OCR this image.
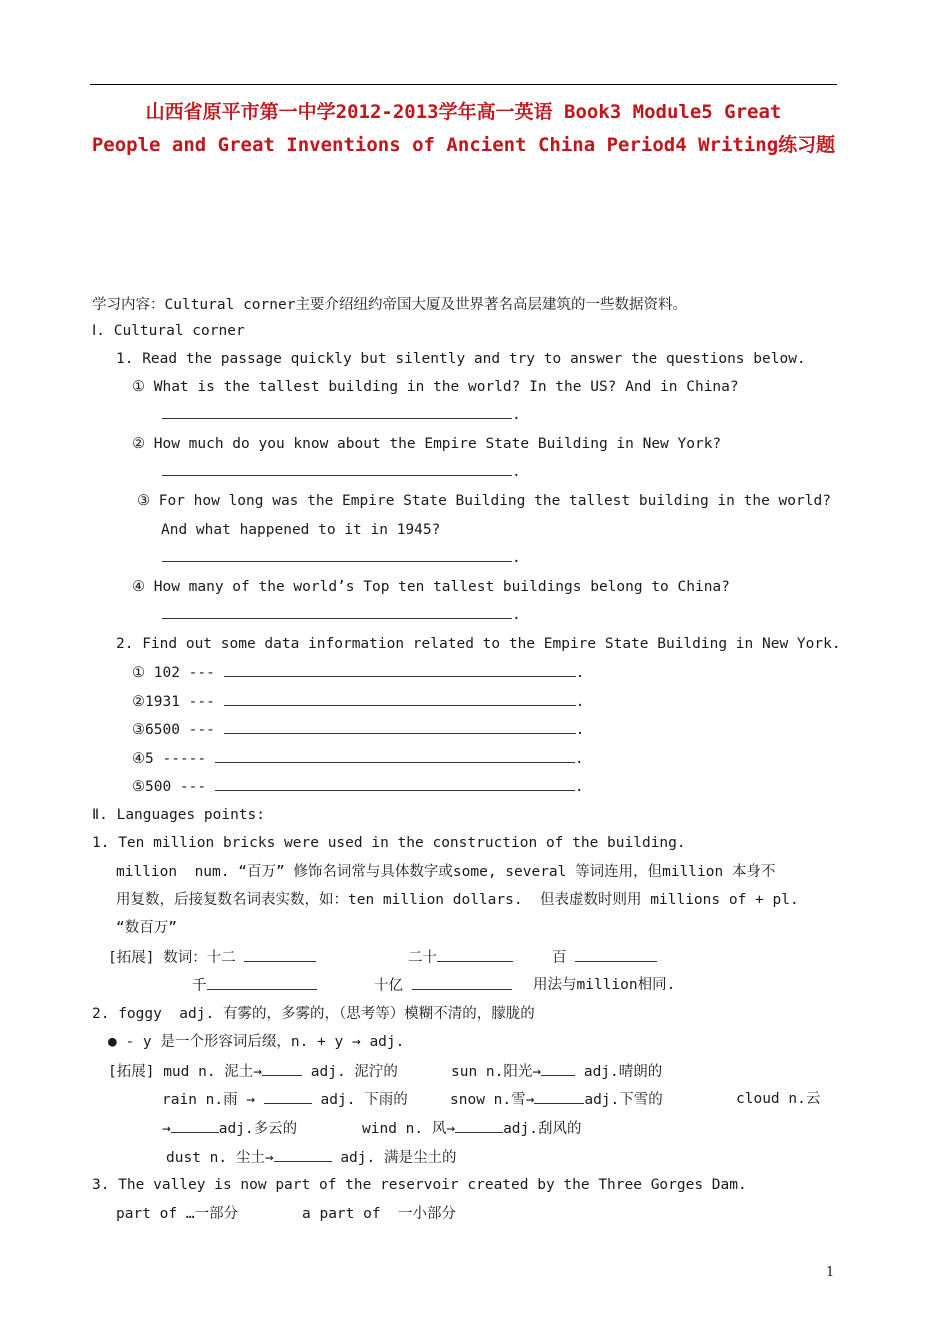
山西省原平市第一中学2012-2013学年高一英语 Book3 Module5 Great
People and Great Inventions of Ancient China Period4 Writing练习题
学习内容：Cultural corner主要介绍纽约帝国大厦及世界著名高层建筑的一些数据资料。
Ⅰ. Cultural corner
1. Read the passage quickly but silently and try to answer the questions below.
① What is the tallest building in the world? In the US? And in China?
.
② How much do you know about the Empire State Building in New York?
.
③ For how long was the Empire State Building the tallest building in the world?
And what happened to it in 1945?
.
④ How many of the world’s Top ten tallest buildings belong to China?
.
2. Find out some data information related to the Empire State Building in New York.
① 102 ---	.
②1931 ---	.
③6500 ---	.
④5 -----	.
⑤500 ---	.
Ⅱ. Languages points:
1. Ten million bricks were used in the construction of the building.
million  num. “百万” 修饰名词常与具体数字或some, several 等词连用，但million 本身不
用复数，后接复数名词表实数，如：ten million dollars.  但表虚数时则用 millions of + pl.
“数百万”
[拓展] 数词：十二	二十	百
千	十亿	用法与million相同.
2. foggy  adj. 有雾的，多雾的，（思考等）模糊不清的，朦胧的
● - y 是一个形容词后缀，n. + y → adj.
[拓展] mud n. 泥土→	adj. 泥泞的	sun n.阳光→	adj.晴朗的
rain n.雨 →	adj. 下雨的	snow n.雪→	adj.下雪的	cloud n.云
→	adj.多云的	wind n. 风→	adj.刮风的
dust n. 尘土→	adj. 满是尘土的
3. The valley is now part of the reservoir created by the Three Gorges Dam.
part of …一部分	a part of  一小部分
1
